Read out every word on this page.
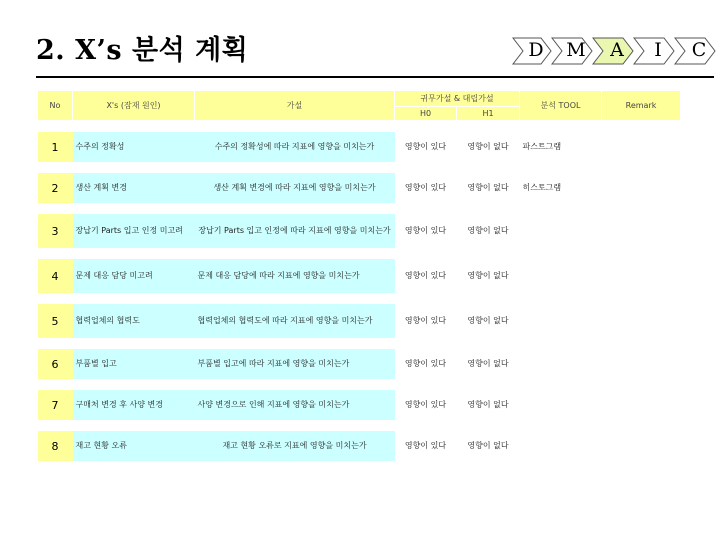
2. X’s 분석 계획	D M	A	I	C
No	X's (잠재 원인)	가설	귀무가설 & 대립가설		분석 TOOL	Remark
			H0	H1		

1	수주의 정확성	수주의 정확성에 따라 지표에 영향을 미치는가	영향이 있다	영향이 없다	파스트그램	

2	생산 계획 변경	생산 계획 변경에 따라 지표에 영향을 미치는가	영향이 있다	영향이 없다	히스토그램	

3	장납기 Parts 입고 인정 미고려	장납기 Parts 입고 인정에 따라 지표에 영향을 미치는가	영향이 있다	영향이 없다		

4	문제 대응 담당 미고려	문제 대응 담당에 따라 지표에 영향을 미치는가	영향이 있다	영향이 없다		

5	협력업체의 협력도	협력업체의 협력도에 따라 지표에 영향을 미치는가	영향이 있다	영향이 없다		

6	부품별 입고	부품별 입고에 따라 지표에 영향을 미치는가	영향이 있다	영향이 없다		

7	구매처 변경 후 사양 변경	사양 변경으로 인해 지표에 영향을 미치는가	영향이 있다	영향이 없다		

8	재고 현황 오류	재고 현황 오류로 지표에 영향을 미치는가	영향이 있다	영향이 없다		
